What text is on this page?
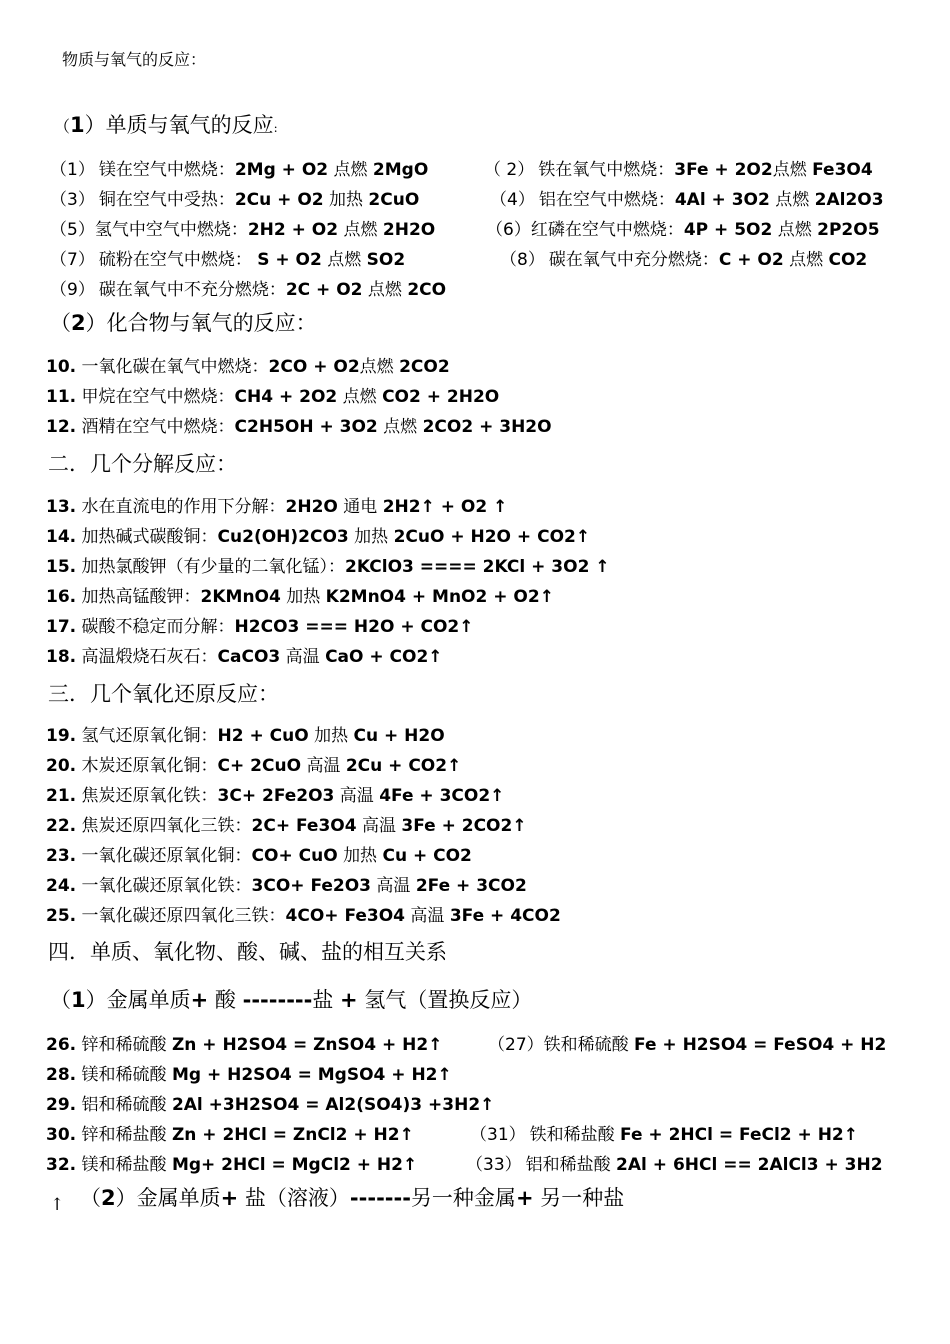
物质与氧气的反应：
（1）单质与氧气的反应:
（1） 镁在空气中燃烧：2Mg + O2 点燃 2MgO	（ 2） 铁在氧气中燃烧：3Fe + 2O2点燃 Fe3O4
（3） 铜在空气中受热：2Cu + O2 加热 2CuO	（4） 铝在空气中燃烧：4Al + 3O2 点燃 2Al2O3
（5）氢气中空气中燃烧：2H2 + O2 点燃 2H2O	（6）红磷在空气中燃烧：4P + 5O2 点燃 2P2O5
（7） 硫粉在空气中燃烧： S + O2 点燃 SO2	（8） 碳在氧气中充分燃烧：C + O2 点燃 CO2
（9） 碳在氧气中不充分燃烧：2C + O2 点燃 2CO
（2）化合物与氧气的反应：
10. 一氧化碳在氧气中燃烧：2CO + O2点燃 2CO2
11. 甲烷在空气中燃烧：CH4 + 2O2 点燃 CO2 + 2H2O
12. 酒精在空气中燃烧：C2H5OH + 3O2 点燃 2CO2 + 3H2O
二．几个分解反应：
13. 水在直流电的作用下分解：2H2O 通电 2H2↑ + O2 ↑
14. 加热碱式碳酸铜：Cu2(OH)2CO3 加热 2CuO + H2O + CO2↑
15. 加热氯酸钾（有少量的二氧化锰）：2KClO3 ==== 2KCl + 3O2 ↑
16. 加热高锰酸钾：2KMnO4 加热 K2MnO4 + MnO2 + O2↑
17. 碳酸不稳定而分解：H2CO3 === H2O + CO2↑
18. 高温煅烧石灰石：CaCO3 高温 CaO + CO2↑
三．几个氧化还原反应：
19. 氢气还原氧化铜：H2 + CuO 加热 Cu + H2O
20. 木炭还原氧化铜：C+ 2CuO 高温 2Cu + CO2↑
21. 焦炭还原氧化铁：3C+ 2Fe2O3 高温 4Fe + 3CO2↑
22. 焦炭还原四氧化三铁：2C+ Fe3O4 高温 3Fe + 2CO2↑
23. 一氧化碳还原氧化铜：CO+ CuO 加热 Cu + CO2
24. 一氧化碳还原氧化铁：3CO+ Fe2O3 高温 2Fe + 3CO2
25. 一氧化碳还原四氧化三铁：4CO+ Fe3O4 高温 3Fe + 4CO2
四．单质、氧化物、酸、碱、盐的相互关系
（1）金属单质+ 酸 --------盐 + 氢气（置换反应）
26. 锌和稀硫酸 Zn + H2SO4 = ZnSO4 + H2↑	（27）铁和稀硫酸 Fe + H2SO4 = FeSO4 + H2
28. 镁和稀硫酸 Mg + H2SO4 = MgSO4 + H2↑
29. 铝和稀硫酸 2Al +3H2SO4 = Al2(SO4)3 +3H2↑
30. 锌和稀盐酸 Zn + 2HCl = ZnCl2 + H2↑	（31） 铁和稀盐酸 Fe + 2HCl = FeCl2 + H2↑
32. 镁和稀盐酸 Mg+ 2HCl = MgCl2 + H2↑	（33） 铝和稀盐酸 2Al + 6HCl == 2AlCl3 + 3H2
↑ （2）金属单质+ 盐（溶液）-------另一种金属+ 另一种盐
